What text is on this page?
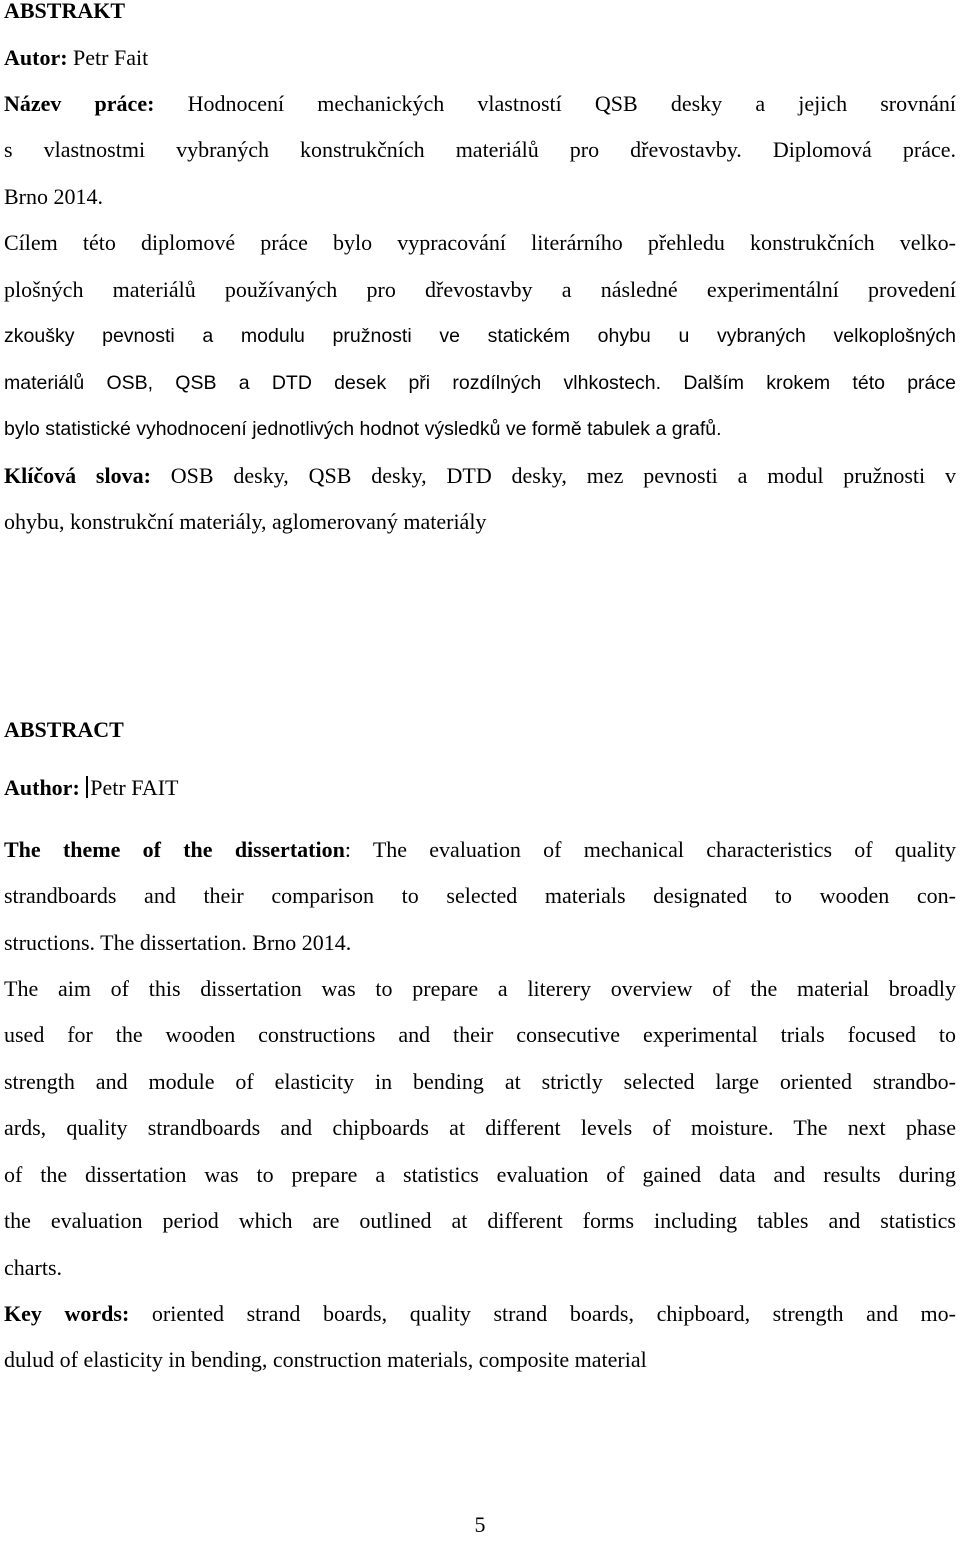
ABSTRAKT
Autor: Petr Fait
Název práce: Hodnocení mechanických vlastností QSB desky a jejich srovnání
s vlastnostmi vybraných konstrukčních materiálů pro dřevostavby. Diplomová práce.
Brno 2014.
Cílem této diplomové práce bylo vypracování literárního přehledu konstrukčních velko-
plošných materiálů používaných pro dřevostavby a následné experimentální provedení
zkoušky pevnosti a modulu pružnosti ve statickém ohybu u vybraných velkoplošných
materiálů OSB, QSB a DTD desek při rozdílných vlhkostech. Dalším krokem této práce
bylo statistické vyhodnocení jednotlivých hodnot výsledků ve formě tabulek a grafů.
Klíčová slova: OSB desky, QSB desky, DTD desky, mez pevnosti a modul pružnosti v
ohybu, konstrukční materiály, aglomerovaný materiály
ABSTRACT
Author: Petr FAIT
The theme of the dissertation: The evaluation of mechanical characteristics of quality
strandboards and their comparison to selected materials designated to wooden con-
structions. The dissertation. Brno 2014.
The aim of this dissertation was to prepare a literery overview of the material broadly
used for the wooden constructions and their consecutive experimental trials focused to
strength and module of elasticity in bending at strictly selected large oriented strandbo-
ards, quality strandboards and chipboards at different levels of moisture. The next phase
of the dissertation was to prepare a statistics evaluation of gained data and results during
the evaluation period which are outlined at different forms including tables and statistics
charts.
Key words: oriented strand boards, quality strand boards, chipboard, strength and mo-
dulud of elasticity in bending, construction materials, composite material
5
